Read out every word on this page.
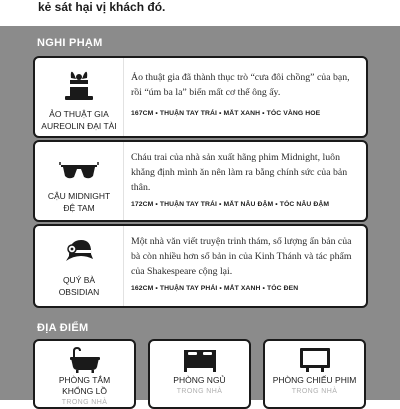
kẻ sát hại vị khách đó.
NGHI PHẠM
ẢO THUẬT GIA
AUREOLIN ĐẠI TÀI
Ảo thuật gia đã thành thục trò “cưa đôi chồng” của bạn, rồi “úm ba la” biến mất cơ thể ông ấy.
167CM • THUẬN TAY TRÁI • MẮT XANH • TÓC VÀNG HOE
CẬU MIDNIGHT
ĐỆ TAM
Cháu trai của nhà sản xuất hãng phim Midnight, luôn khẳng định mình ăn nên làm ra bằng chính sức của bản thân.
172CM • THUẬN TAY TRÁI • MẮT NÂU ĐẬM • TÓC NÂU ĐẬM
QUÝ BÀ
OBSIDIAN
Một nhà văn viết truyện trinh thám, số lượng ấn bản của bà còn nhiều hơn số bản in của Kinh Thánh và tác phẩm của Shakespeare cộng lại.
162CM • THUẬN TAY PHẢI • MẮT XANH • TÓC ĐEN
ĐỊA ĐIỂM
PHÒNG TẮM
KHỔNG LỒ
TRONG NHÀ
PHÒNG NGỦ
TRONG NHÀ
PHÒNG CHIẾU PHIM
TRONG NHÀ
